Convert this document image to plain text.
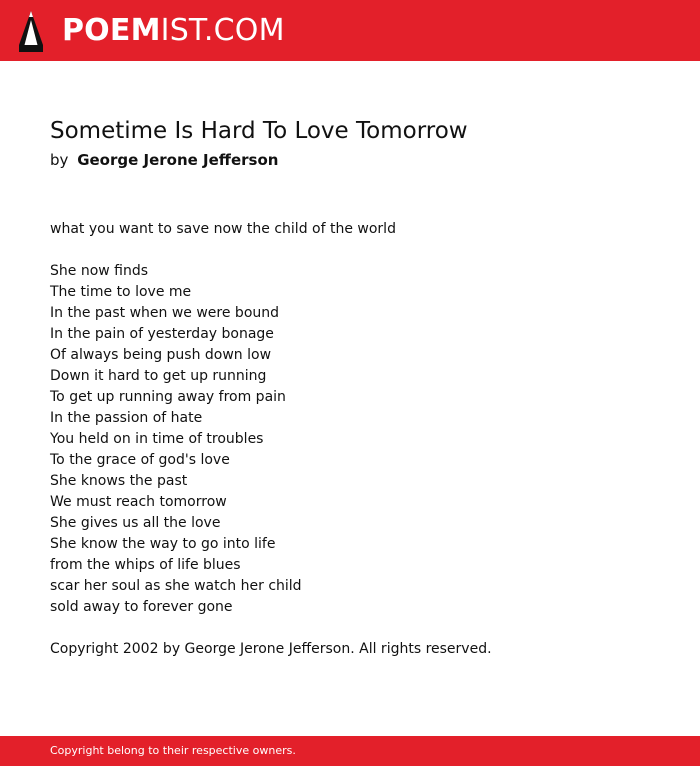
POEMIST.COM
Sometime Is Hard To Love Tomorrow
by George Jerone Jefferson
what you want to save now the child of the world
She now finds
The time to love me
In the past when we were bound
In the pain of yesterday bonage
Of always being push down low
Down it hard to get up running
To get up running away from pain
In the passion of hate
You held on in time of troubles
To the grace of god's love
She knows the past
We must reach tomorrow
She gives us all the love
She know the way to go into life
from the whips of life blues
scar her soul as she watch her child
sold away to forever gone

Copyright 2002 by George Jerone Jefferson. All rights reserved.

Copyright belong to their respective owners.
